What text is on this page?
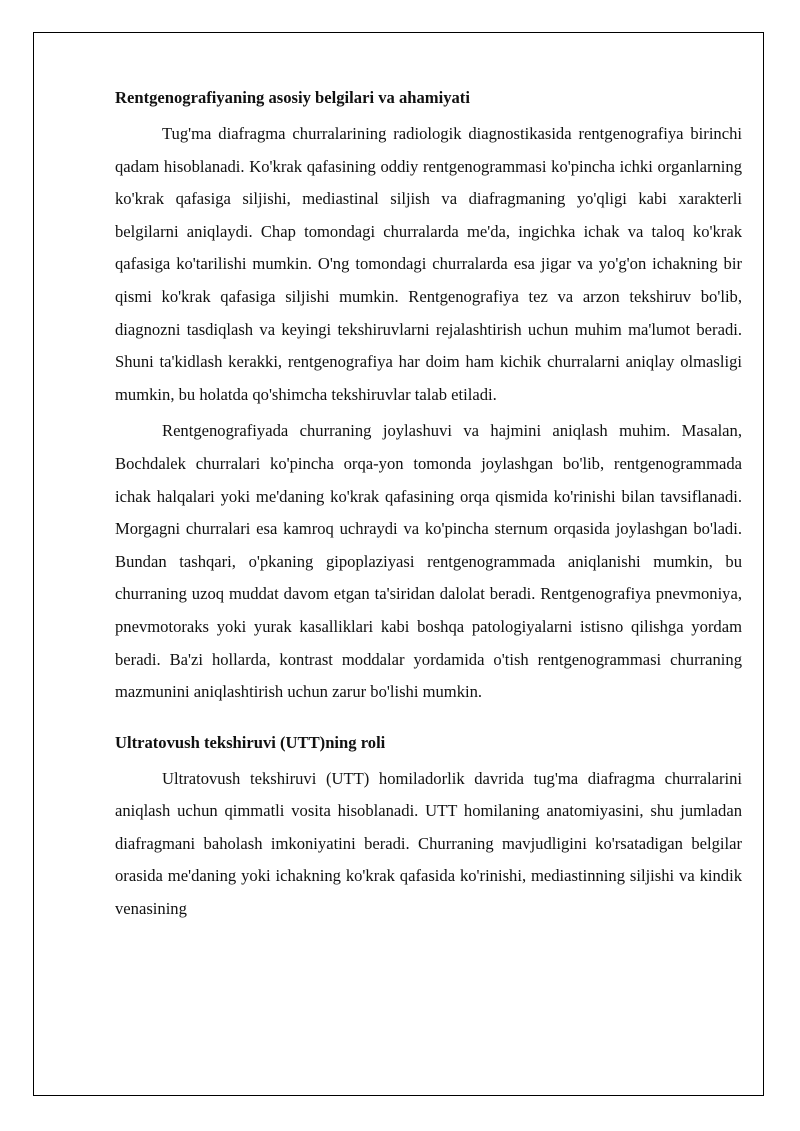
Rentgenografiyaning asosiy belgilari va ahamiyati

Tug'ma diafragma churralarining radiologik diagnostikasida rentgenografiya birinchi qadam hisoblanadi. Ko'krak qafasining oddiy rentgenogrammasi ko'pincha ichki organlarning ko'krak qafasiga siljishi, mediastinal siljish va diafragmaning yo'qligi kabi xarakterli belgilarni aniqlaydi. Chap tomondagi churralarda me'da, ingichka ichak va taloq ko'krak qafasiga ko'tarilishi mumkin. O'ng tomondagi churralarda esa jigar va yo'g'on ichakning bir qismi ko'krak qafasiga siljishi mumkin. Rentgenografiya tez va arzon tekshiruv bo'lib, diagnozni tasdiqlash va keyingi tekshiruvlarni rejalashtirish uchun muhim ma'lumot beradi. Shuni ta'kidlash kerakki, rentgenografiya har doim ham kichik churralarni aniqlay olmasligi mumkin, bu holatda qo'shimcha tekshiruvlar talab etiladi.

Rentgenografiyada churraning joylashuvi va hajmini aniqlash muhim. Masalan, Bochdalek churralari ko'pincha orqa-yon tomonda joylashgan bo'lib, rentgenogrammada ichak halqalari yoki me'daning ko'krak qafasining orqa qismida ko'rinishi bilan tavsiflanadi. Morgagni churralari esa kamroq uchraydi va ko'pincha sternum orqasida joylashgan bo'ladi. Bundan tashqari, o'pkaning gipoplaziyasi rentgenogrammada aniqlanishi mumkin, bu churraning uzoq muddat davom etgan ta'siridan dalolat beradi. Rentgenografiya pnevmoniya, pnevmotoraks yoki yurak kasalliklari kabi boshqa patologiyalarni istisno qilishga yordam beradi. Ba'zi hollarda, kontrast moddalar yordamida o'tish rentgenogrammasi churraning mazmunini aniqlashtirish uchun zarur bo'lishi mumkin.

Ultratovush tekshiruvi (UTT)ning roli

Ultratovush tekshiruvi (UTT) homiladorlik davrida tug'ma diafragma churralarini aniqlash uchun qimmatli vosita hisoblanadi. UTT homilaning anatomiyasini, shu jumladan diafragmani baholash imkoniyatini beradi. Churraning mavjudligini ko'rsatadigan belgilar orasida me'daning yoki ichakning ko'krak qafasida ko'rinishi, mediastinning siljishi va kindik venasining
